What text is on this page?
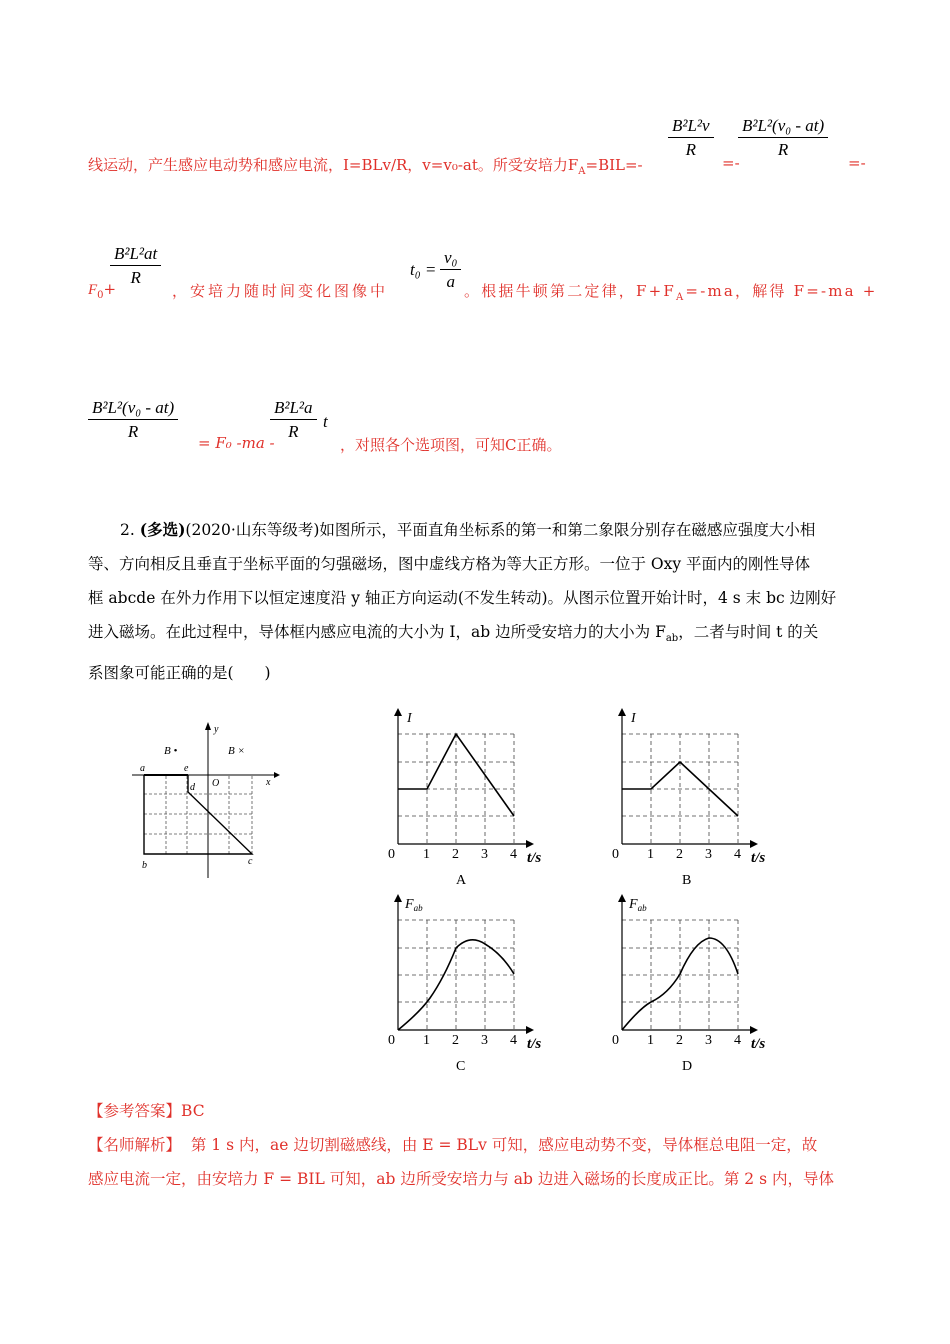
线运动，产生感应电动势和感应电流，I=BLv/R，v=v₀-at。所受安培力$F_A=BIL=-$
$\frac{\text{B²L²v}}{R}$
=-
$\frac{\text{B²L²(v₀ - at)}}{R}$
=-
$F_0+$
$\frac{\text{B²L²at}}{R}$
，安培力随时间变化图像中
$t_0 = \frac{\text{v₀}}{a}$ 。根据牛顿第二定律，$F+F_A=-ma$，解得 F=-ma +
$\frac{\text{B²L²(v₀ - at)}}{R}$
= F₀ -ma -
$\frac{\text{B²L²a}}{R}$ t
，对照各个选项图，可知C正确。
2. (多选)(2020·山东等级考)如图所示，平面直角坐标系的第一和第二象限分别存在磁感应强度大小相
等、方向相反且垂直于坐标平面的匀强磁场，图中虚线方格为等大正方形。一位于 Oxy 平面内的刚性导体
框 abcde 在外力作用下以恒定速度沿 y 轴正方向运动(不发生转动)。从图示位置开始计时，4 s 末 bc 边刚好
进入磁场。在此过程中，导体框内感应电流的大小为 I，ab 边所受安培力的大小为 $F_{ab}$，二者与时间 t 的关
系图象可能正确的是(　　)
a	e
d O	x
y
b	c
B •	B ×
I
0 1 2 3 4 t/s
A
I
0 1 2 3 4 t/s
B
$F_{ab}$
0 1 2 3 4 t/s
C
$F_{ab}$
0 1 2 3 4 t/s
D
【参考答案】BC
【名师解析】 第 1 s 内，ae 边切割磁感线，由 E = BLv 可知，感应电动势不变，导体框总电阻一定，故
感应电流一定，由安培力 F = BIL 可知，ab 边所受安培力与 ab 边进入磁场的长度成正比。第 2 s 内，导体
